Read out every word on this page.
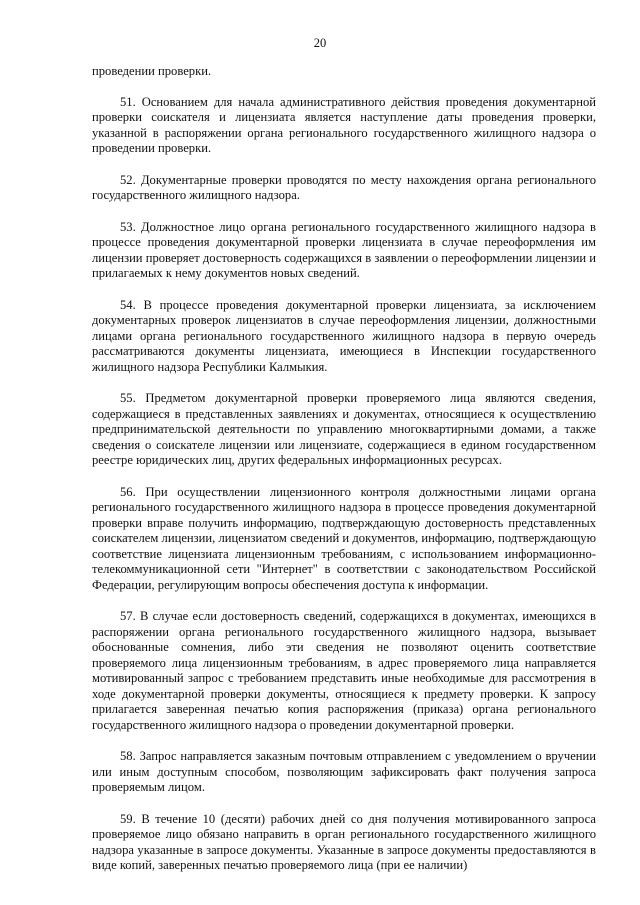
20

проведении проверки.

51. Основанием для начала административного действия проведения документарной проверки соискателя и лицензиата является наступление даты проведения проверки, указанной в распоряжении органа регионального государственного жилищного надзора о проведении проверки.

52. Документарные проверки проводятся по месту нахождения органа регионального государственного жилищного надзора.

53. Должностное лицо органа регионального государственного жилищного надзора в процессе проведения документарной проверки лицензиата в случае переоформления им лицензии проверяет достоверность содержащихся в заявлении о переоформлении лицензии и прилагаемых к нему документов новых сведений.

54. В процессе проведения документарной проверки лицензиата, за исключением документарных проверок лицензиатов в случае переоформления лицензии, должностными лицами органа регионального государственного жилищного надзора в первую очередь рассматриваются документы лицензиата, имеющиеся в Инспекции государственного жилищного надзора Республики Калмыкия.

55. Предметом документарной проверки проверяемого лица являются сведения, содержащиеся в представленных заявлениях и документах, относящиеся к осуществлению предпринимательской деятельности по управлению многоквартирными домами, а также сведения о соискателе лицензии или лицензиате, содержащиеся в едином государственном реестре юридических лиц, других федеральных информационных ресурсах.

56. При осуществлении лицензионного контроля должностными лицами органа регионального государственного жилищного надзора в процессе проведения документарной проверки вправе получить информацию, подтверждающую достоверность представленных соискателем лицензии, лицензиатом сведений и документов, информацию, подтверждающую соответствие лицензиата лицензионным требованиям, с использованием информационно-телекоммуникационной сети "Интернет" в соответствии с законодательством Российской Федерации, регулирующим вопросы обеспечения доступа к информации.

57. В случае если достоверность сведений, содержащихся в документах, имеющихся в распоряжении органа регионального государственного жилищного надзора, вызывает обоснованные сомнения, либо эти сведения не позволяют оценить соответствие проверяемого лица лицензионным требованиям, в адрес проверяемого лица направляется мотивированный запрос с требованием представить иные необходимые для рассмотрения в ходе документарной проверки документы, относящиеся к предмету проверки. К запросу прилагается заверенная печатью копия распоряжения (приказа) органа регионального государственного жилищного надзора о проведении документарной проверки.

58. Запрос направляется заказным почтовым отправлением с уведомлением о вручении или иным доступным способом, позволяющим зафиксировать факт получения запроса проверяемым лицом.

59. В течение 10 (десяти) рабочих дней со дня получения мотивированного запроса проверяемое лицо обязано направить в орган регионального государственного жилищного надзора указанные в запросе документы. Указанные в запросе документы предоставляются в виде копий, заверенных печатью проверяемого лица (при ее наличии)
